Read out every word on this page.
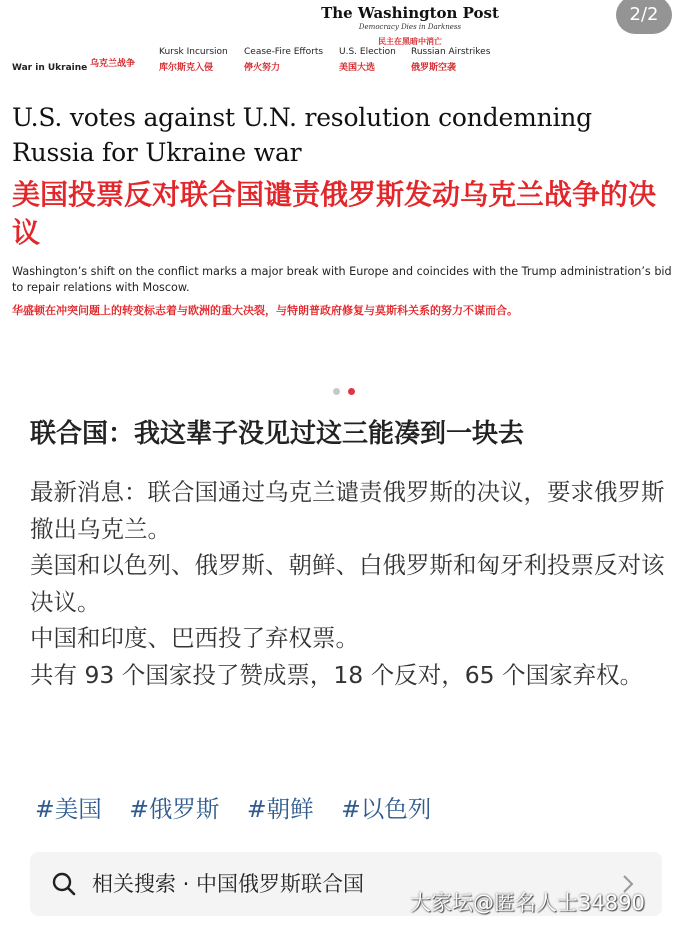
The Washington Post
Democracy Dies in Darkness
民主在黑暗中消亡
2/2
War in Ukraine 乌克兰战争
Kursk Incursion
库尔斯克入侵
Cease-Fire Efforts
停火努力
U.S. Election
美国大选
Russian Airstrikes
俄罗斯空袭
U.S. votes against U.N. resolution condemning Russia for Ukraine war
美国投票反对联合国谴责俄罗斯发动乌克兰战争的决议
Washington’s shift on the conflict marks a major break with Europe and coincides with the Trump administration’s bid to repair relations with Moscow.
华盛顿在冲突问题上的转变标志着与欧洲的重大决裂，与特朗普政府修复与莫斯科关系的努力不谋而合。
联合国：我这辈子没见过这三能凑到一块去

最新消息：联合国通过乌克兰谴责俄罗斯的决议，要求俄罗斯撤出乌克兰。

美国和以色列、俄罗斯、朝鲜、白俄罗斯和匈牙利投票反对该决议。

中国和印度、巴西投了弃权票。

共有 93 个国家投了赞成票，18 个反对，65 个国家弃权。

#美国 #俄罗斯 #朝鲜 #以色列
相关搜索 · 中国俄罗斯联合国
大家坛@匿名人士34890
